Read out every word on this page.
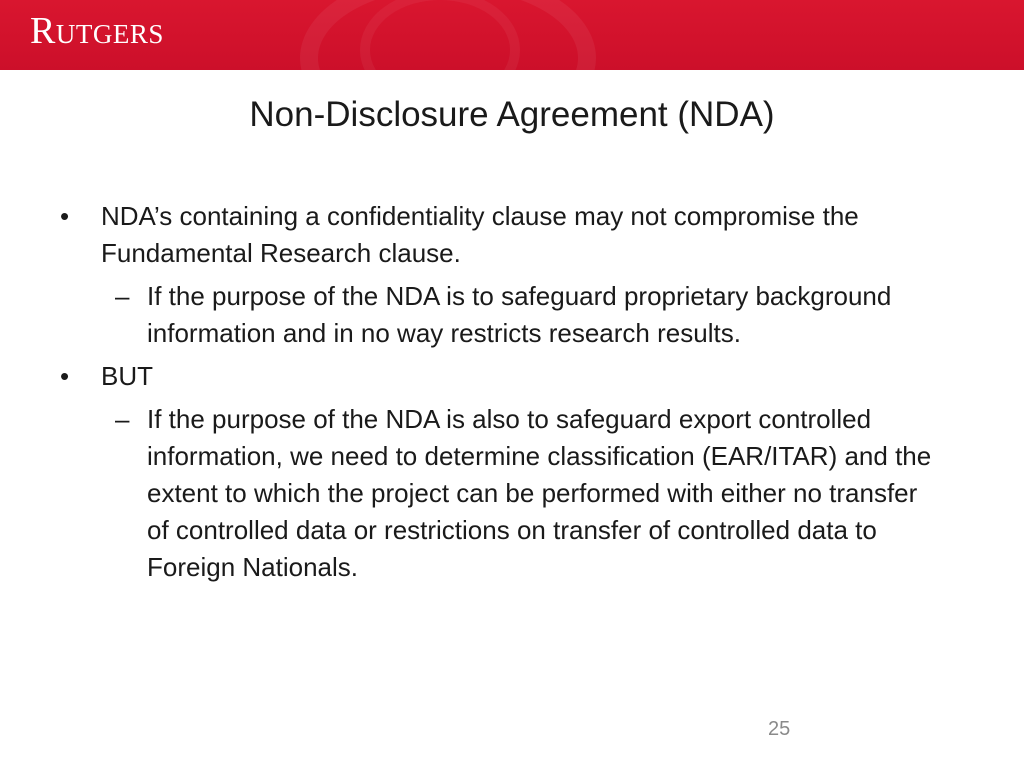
Rutgers
Non-Disclosure Agreement (NDA)
•	NDA’s containing a confidentiality clause may not compromise the Fundamental Research clause.
– If the purpose of the NDA is to safeguard proprietary background information and in no way restricts research results.
•	BUT
– If the purpose of the NDA is also to safeguard export controlled information, we need to determine classification (EAR/ITAR) and the extent to which the project can be performed with either no transfer of controlled data or restrictions on transfer of controlled data to Foreign Nationals.
25
